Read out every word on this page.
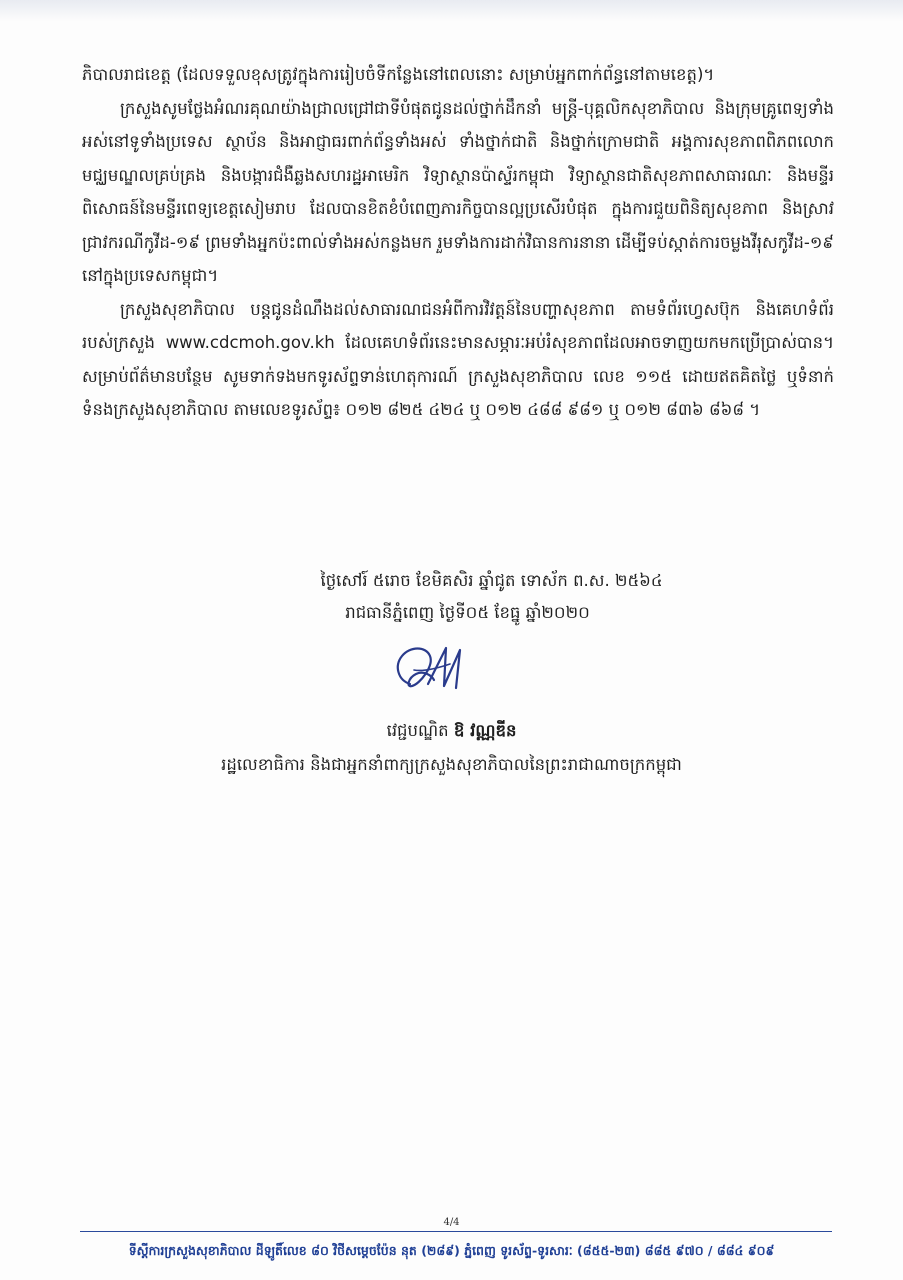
ភិបាលរាជខេត្ត (ដែលទទួលខុសត្រូវក្នុងការរៀបចំទីកន្លែងនៅពេលនោះ សម្រាប់អ្នកពាក់ព័ន្ធនៅតាមខេត្ត)។

ក្រសួងសូមថ្លែងអំណរគុណយ៉ាងជ្រាលជ្រៅជាទីបំផុតជូនដល់ថ្នាក់ដឹកនាំ មន្ត្រី-បុគ្គលិកសុខាភិបាល និងក្រុមគ្រូពេទ្យទាំងអស់នៅទូទាំងប្រទេស ស្ថាប័ន និងអាជ្ញាធរពាក់ព័ន្ធទាំងអស់ ទាំងថ្នាក់ជាតិ និងថ្នាក់ក្រោមជាតិ អង្គការសុខភាពពិភពលោក មជ្ឈមណ្ឌលគ្រប់គ្រង និងបង្ការជំងឺឆ្លងសហរដ្ឋអាមេរិក វិទ្យាស្ថានប៉ាស្ទ័រកម្ពុជា វិទ្យាស្ថានជាតិសុខភាពសាធារណៈ និងមន្ទីរពិសោធន៍នៃមន្ទីរពេទ្យខេត្តសៀមរាប ដែលបានខិតខំបំពេញភារកិច្ចបានល្អប្រសើរបំផុត ក្នុងការជួយពិនិត្យសុខភាព និងស្រាវជ្រាវករណីកូវីដ-១៩ ព្រមទាំងអ្នកប៉ះពាល់ទាំងអស់កន្លងមក រួមទាំងការដាក់វិធានការនានា ដើម្បីទប់ស្កាត់ការចម្លងវីរុសកូវីដ-១៩ នៅក្នុងប្រទេសកម្ពុជា។

ក្រសួងសុខាភិបាល បន្តជូនដំណឹងដល់សាធារណជនអំពីការវិវត្តន៍នៃបញ្ហាសុខភាព តាមទំព័រហ្វេសប៊ុក និងគេហទំព័ររបស់ក្រសួង www.cdcmoh.gov.kh ដែលគេហទំព័រនេះមានសម្ភារៈអប់រំសុខភាពដែលអាចទាញយកមកប្រើប្រាស់បាន។ សម្រាប់ព័ត៌មានបន្ថែម សូមទាក់ទងមកទូរស័ព្ទទាន់ហេតុការណ៍ ក្រសួងសុខាភិបាល លេខ ១១៥ ដោយឥតគិតថ្លៃ ឬទំនាក់ទំនងក្រសួងសុខាភិបាល តាមលេខទូរស័ព្ទ៖ ០១២ ៨២៥ ៤២៤ ឬ ០១២ ៤៨៨ ៩៨១ ឬ ០១២ ៨៣៦ ៨៦៨ ។

ថ្ងៃសៅរ៍ ៥រោច ខែមិគសិរ ឆ្នាំជូត ទោស័ក ព.ស. ២៥៦៤
រាជធានីភ្នំពេញ ថ្ងៃទី០៥ ខែធ្នូ ឆ្នាំ២០២០
វេជ្ជបណ្ឌិត ឱ វណ្ណឌីន
រដ្ឋលេខាធិការ និងជាអ្នកនាំពាក្យក្រសួងសុខាភិបាលនៃព្រះរាជាណាចក្រកម្ពុជា
4/4
ទីស្តីការក្រសួងសុខាភិបាល ដីឡូតិ៍លេខ ៨០ វិថីសម្តេចប៉ែន នុត (២៨៩) ភ្នំពេញ ទូរស័ព្ទ-ទូរសារៈ (៨៥៥-២៣) ៨៨៥ ៩៧០ / ៨៨៤ ៩០៩
